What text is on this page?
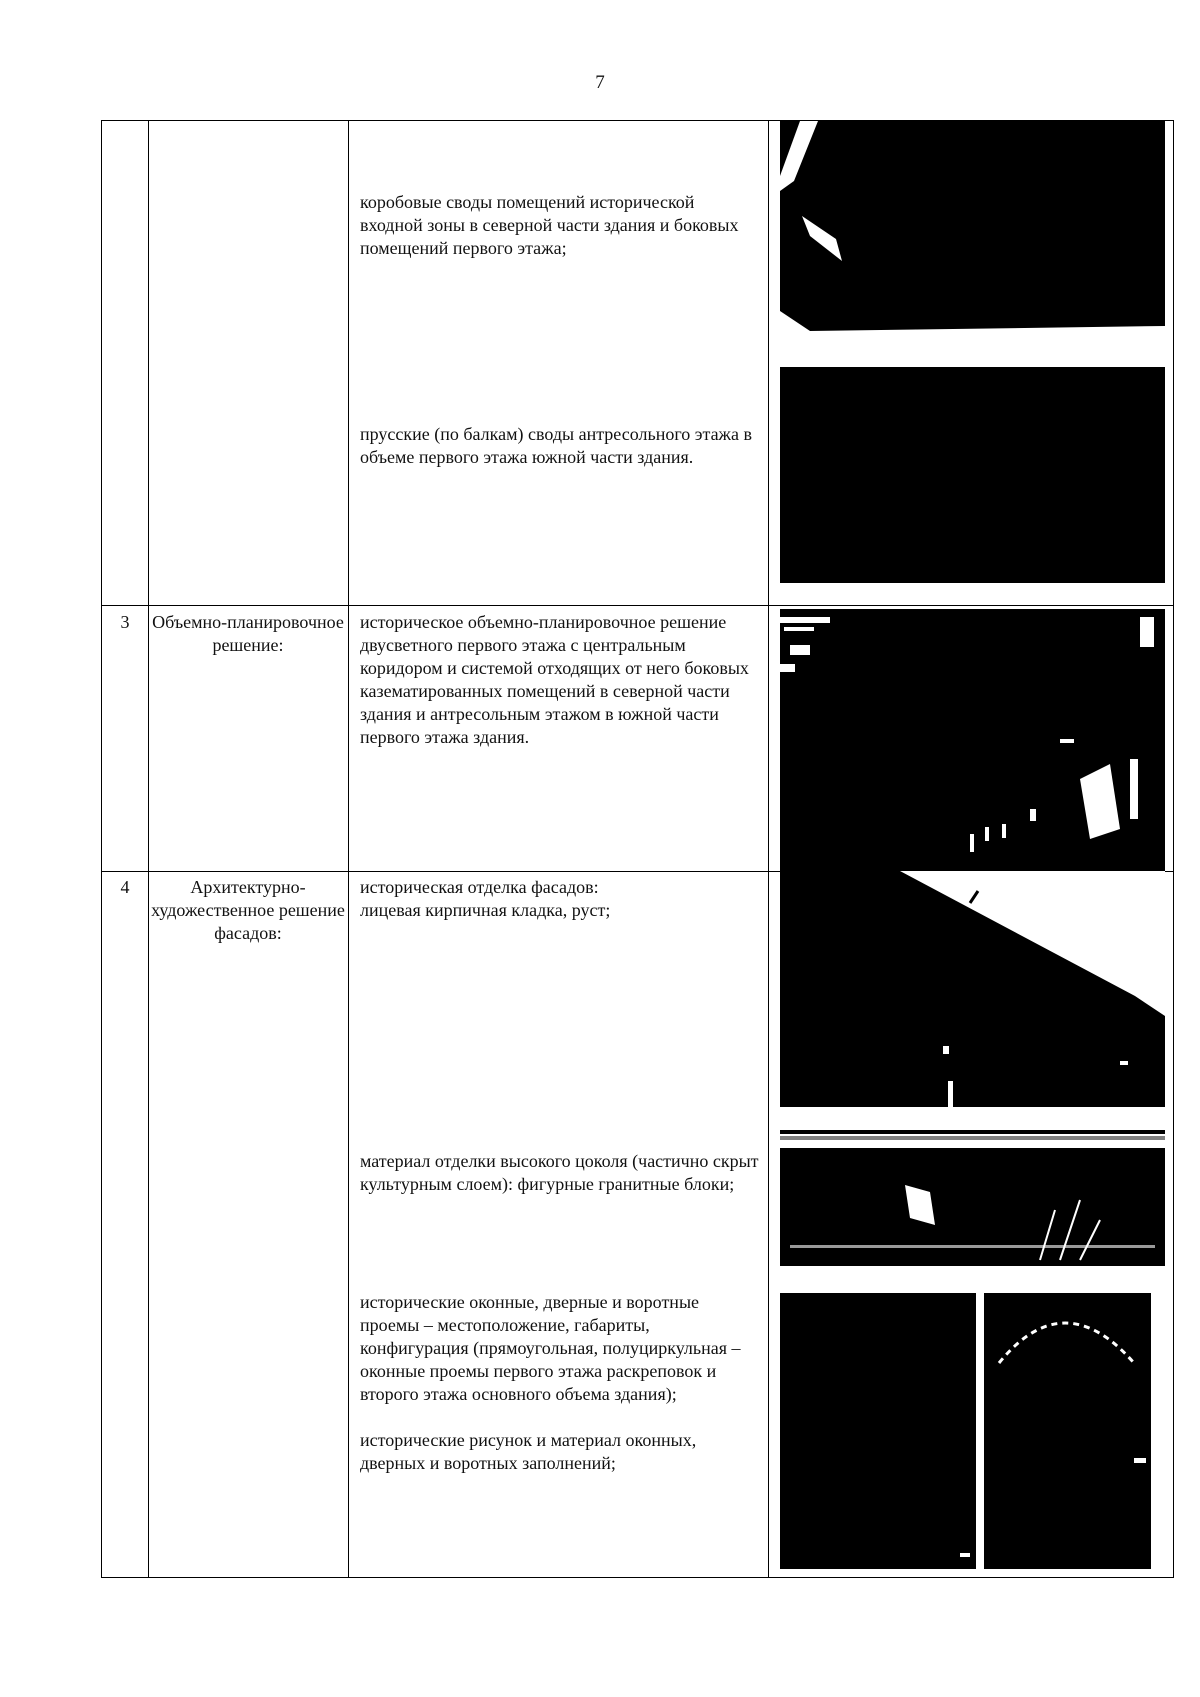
7
коробовые своды помещений исторической входной зоны в северной части здания и боковых помещений первого этажа;
прусские (по балкам) своды антресольного этажа в объеме первого этажа южной части здания.
3	Объемно-планировочное решение:
историческое объемно-планировочное решение двусветного первого этажа с центральным коридором и системой отходящих от него боковых казематированных помещений в северной части здания и антресольным этажом в южной части первого этажа здания.
4	Архитектурно-художественное решение фасадов:
историческая отделка фасадов:
лицевая кирпичная кладка, руст;
материал отделки высокого цоколя (частично скрыт культурным слоем): фигурные гранитные блоки;
исторические оконные, дверные и воротные проемы – местоположение, габариты, конфигурация (прямоугольная, полуциркульная – оконные проемы первого этажа раскреповок и второго этажа основного объема здания);
исторические рисунок и материал оконных, дверных и воротных заполнений;
